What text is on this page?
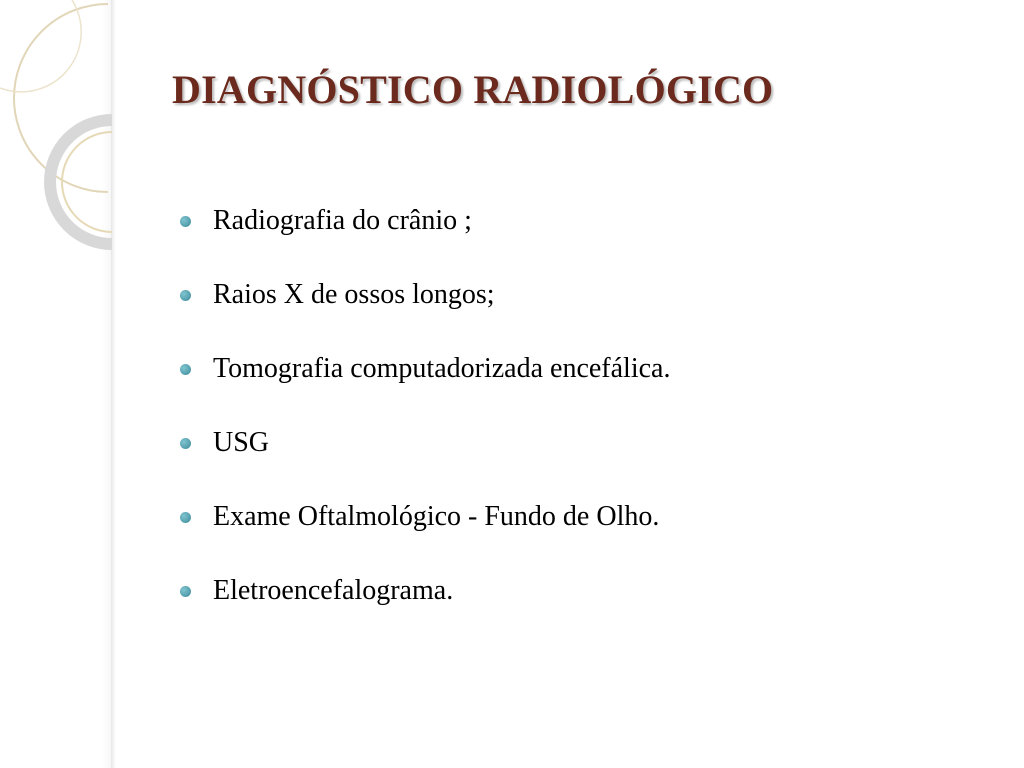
DIAGNÓSTICO RADIOLÓGICO
Radiografia do crânio ;
Raios X de ossos longos;
Tomografia computadorizada encefálica.
USG
Exame Oftalmológico - Fundo de Olho.
Eletroencefalograma.
